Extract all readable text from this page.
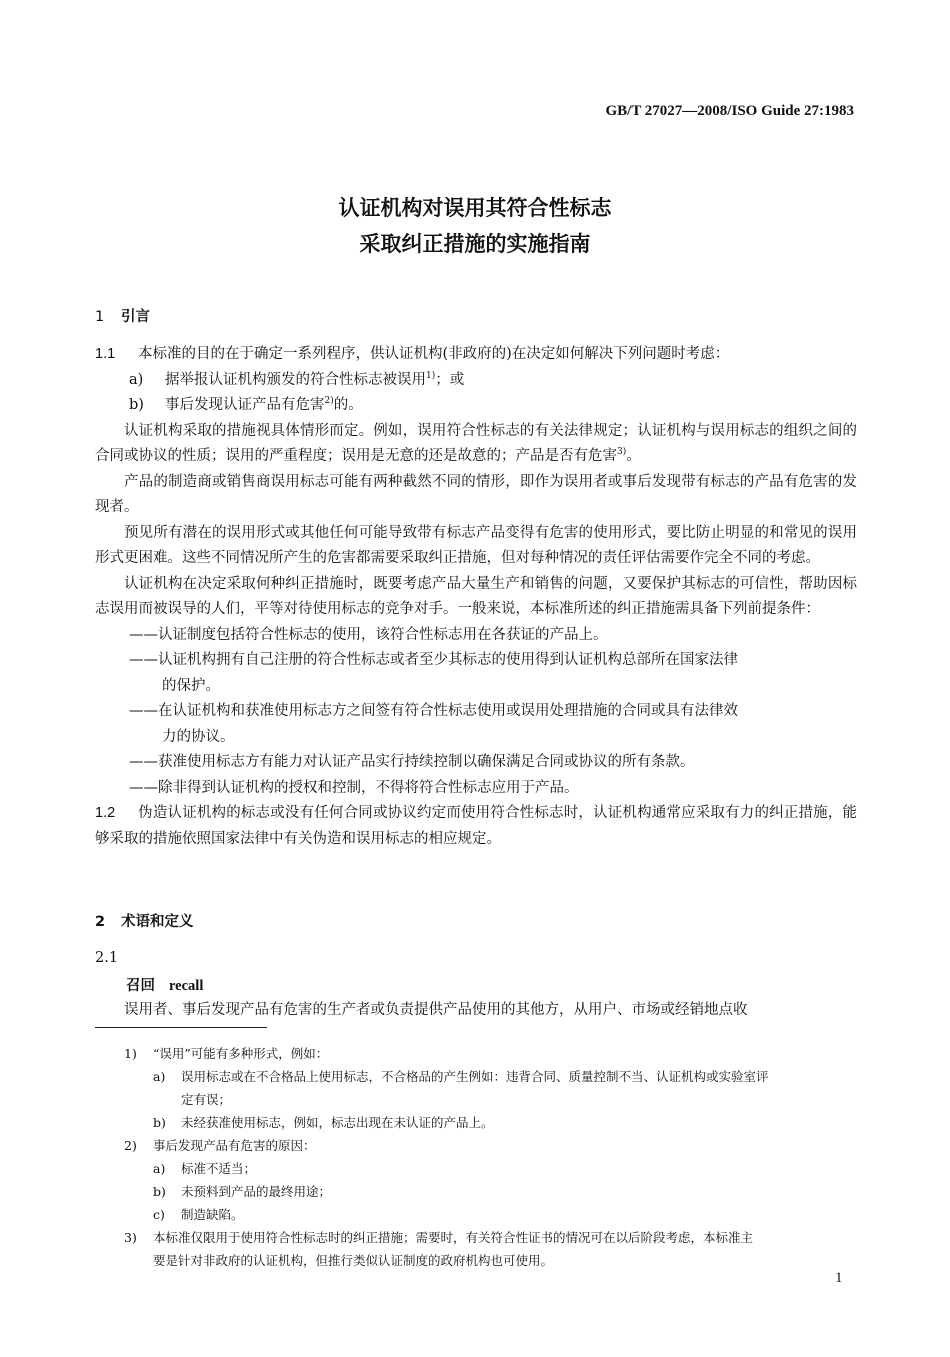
GB/T 27027—2008/ISO Guide 27:1983
认证机构对误用其符合性标志
采取纠正措施的实施指南
1 引言
1.1 本标准的目的在于确定一系列程序，供认证机构(非政府的)在决定如何解决下列问题时考虑：
a) 据举报认证机构颁发的符合性标志被误用$^{1)}$；或
b) 事后发现认证产品有危害$^{2)}$的。
认证机构采取的措施视具体情形而定。例如，误用符合性标志的有关法律规定；认证机构与误用标志的组织之间的合同或协议的性质；误用的严重程度；误用是无意的还是故意的；产品是否有危害$^{3)}$。
产品的制造商或销售商误用标志可能有两种截然不同的情形，即作为误用者或事后发现带有标志的产品有危害的发现者。
预见所有潜在的误用形式或其他任何可能导致带有标志产品变得有危害的使用形式，要比防止明显的和常见的误用形式更困难。这些不同情况所产生的危害都需要采取纠正措施，但对每种情况的责任评估需要作完全不同的考虑。
认证机构在决定采取何种纠正措施时，既要考虑产品大量生产和销售的问题，又要保护其标志的可信性，帮助因标志误用而被误导的人们，平等对待使用标志的竞争对手。一般来说，本标准所述的纠正措施需具备下列前提条件：
——认证制度包括符合性标志的使用，该符合性标志用在各获证的产品上。
——认证机构拥有自己注册的符合性标志或者至少其标志的使用得到认证机构总部所在国家法律
的保护。
——在认证机构和获准使用标志方之间签有符合性标志使用或误用处理措施的合同或具有法律效
力的协议。
——获准使用标志方有能力对认证产品实行持续控制以确保满足合同或协议的所有条款。
——除非得到认证机构的授权和控制，不得将符合性标志应用于产品。
1.2 伪造认证机构的标志或没有任何合同或协议约定而使用符合性标志时，认证机构通常应采取有力的纠正措施，能够采取的措施依照国家法律中有关伪造和误用标志的相应规定。
2 术语和定义
2.1
召回 recall
误用者、事后发现产品有危害的生产者或负责提供产品使用的其他方，从用户、市场或经销地点收
1) “误用”可能有多种形式，例如：
a) 误用标志或在不合格品上使用标志，不合格品的产生例如：违背合同、质量控制不当、认证机构或实验室评
定有误；
b) 未经获准使用标志，例如，标志出现在未认证的产品上。
2) 事后发现产品有危害的原因：
a) 标准不适当；
b) 未预料到产品的最终用途；
c) 制造缺陷。
3) 本标准仅限用于使用符合性标志时的纠正措施；需要时，有关符合性证书的情况可在以后阶段考虑，本标准主
要是针对非政府的认证机构，但推行类似认证制度的政府机构也可使用。
1
